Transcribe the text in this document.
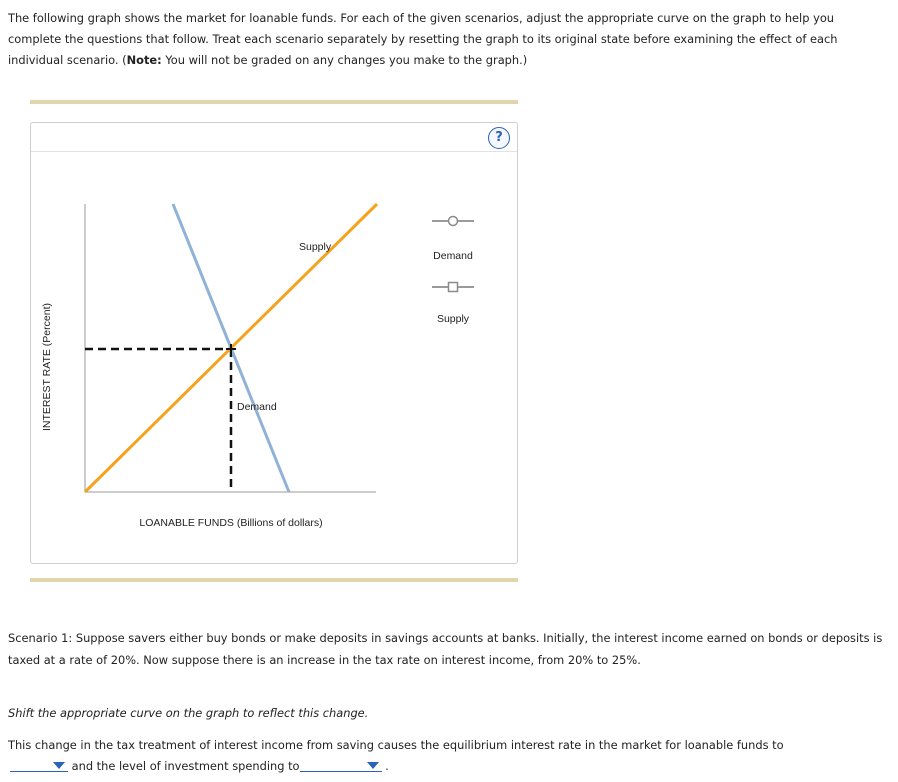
The following graph shows the market for loanable funds. For each of the given scenarios, adjust the appropriate curve on the graph to help you complete the questions that follow. Treat each scenario separately by resetting the graph to its original state before examining the effect of each individual scenario. (Note: You will not be graded on any changes you make to the graph.)

?
INTEREST RATE (Percent)
LOANABLE FUNDS (Billions of dollars)
Supply
Demand
Demand
Supply

Scenario 1: Suppose savers either buy bonds or make deposits in savings accounts at banks. Initially, the interest income earned on bonds or deposits is taxed at a rate of 20%. Now suppose there is an increase in the tax rate on interest income, from 20% to 25%.

Shift the appropriate curve on the graph to reflect this change.

This change in the tax treatment of interest income from saving causes the equilibrium interest rate in the market for loanable funds to

and the level of investment spending to	.
